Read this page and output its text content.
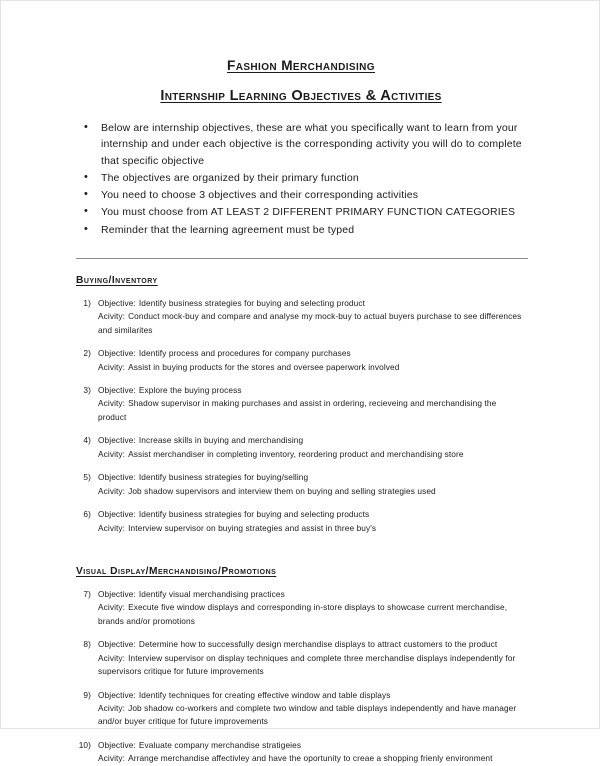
Fashion Merchandising
Internship Learning Objectives & Activities
• Below are internship objectives, these are what you specifically want to learn from your internship and under each objective is the corresponding activity you will do to complete that specific objective
• The objectives are organized by their primary function
• You need to choose 3 objectives and their corresponding activities
• You must choose from AT LEAST 2 DIFFERENT PRIMARY FUNCTION CATEGORIES
• Reminder that the learning agreement must be typed
Buying/Inventory
1) Objective: Identify business strategies for buying and selecting product

Acivity: Conduct mock-buy and compare and analyse my mock-buy to actual buyers purchase to see differences and similarites

2) Objective: Identify process and procedures for company purchases

Acivity: Assist in buying products for the stores and oversee paperwork involved

3) Objective: Explore the buying process

Acivity: Shadow supervisor in making purchases and assist in ordering, recieveing and merchandising the product

4) Objective: Increase skills in buying and merchandising

Acivity: Assist merchandiser in completing inventory, reordering product and merchandising store

5) Objective: Identify business strategies for buying/selling

Acivity: Job shadow supervisors and interview them on buying and selling strategies used

6) Objective: Identify business strategies for buying and selecting products

Acivity: Interview supervisor on buying strategies and assist in three buy's

Visual Display/Merchandising/Promotions
7) Objective: Identify visual merchandising practices

Acivity: Execute five window displays and corresponding in-store displays to showcase current merchandise, brands and/or promotions

8) Objective: Determine how to successfully design merchandise displays to attract customers to the product

Acivity: Interview supervisor on display techniques and complete three merchandise displays independently for supervisors critique for future improvements

9) Objective: Identify techniques for creating effective window and table displays

Acivity: Job shadow co-workers and complete two window and table displays independently and have manager and/or buyer critique for future improvements

10) Objective: Evaluate company merchandise stratigeies

Acivity: Arrange merchandise affectivley and have the oportunity to creae a shopping frienly environment
